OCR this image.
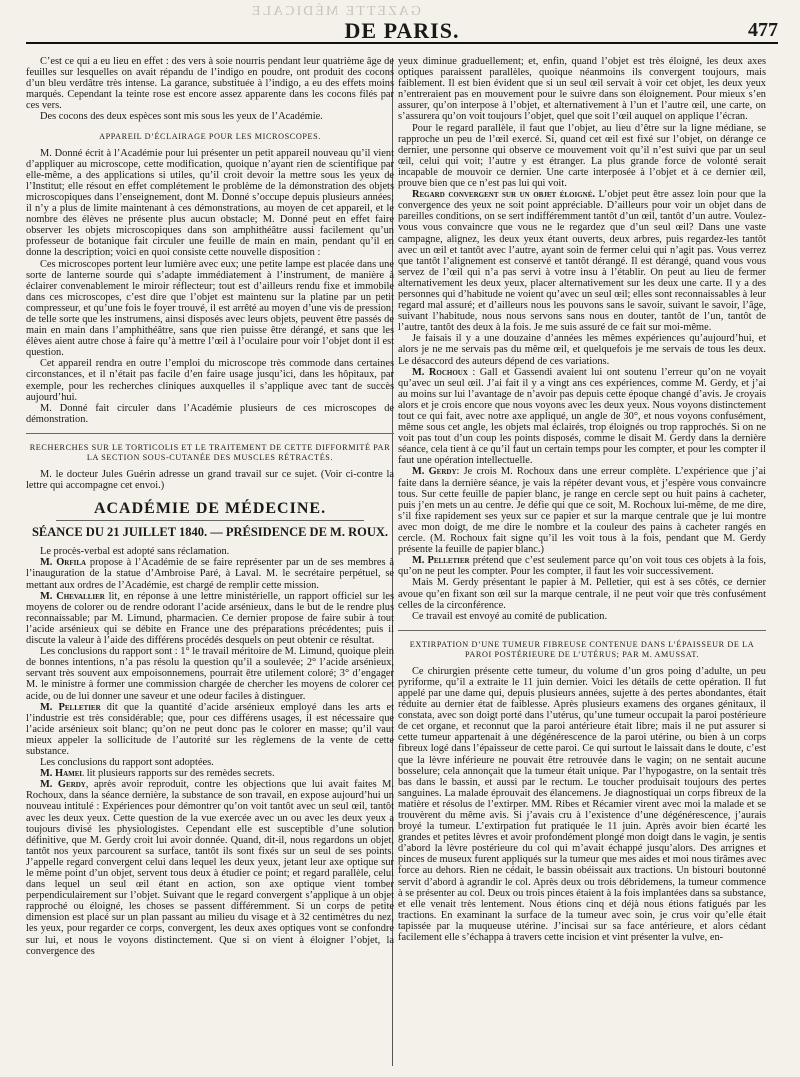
GAZETTE MÉDICALE
DE PARIS.	477

C’est ce qui a eu lieu en effet : des vers à soie nourris pendant leur quatrième âge de feuilles sur lesquelles on avait répandu de l’indigo en poudre, ont produit des cocons d’un bleu verdâtre très intense. La garance, substituée à l’indigo, a eu des effets moins marqués. Cependant la teinte rose est encore assez apparente dans les cocons filés par ces vers.

Des cocons des deux espèces sont mis sous les yeux de l’Académie.

APPAREIL D’ÉCLAIRAGE POUR LES MICROSCOPES.

M. Donné écrit à l’Académie pour lui présenter un petit appareil nouveau qu’il vient d’appliquer au microscope, cette modification, quoique n’ayant rien de scientifique par elle-même, a des applications si utiles, qu’il croit devoir la mettre sous les yeux de l’Institut; elle résout en effet complétement le problème de la démonstration des objets microscopiques dans l’enseignement, dont M. Donné s’occupe depuis plusieurs années; il n’y a plus de limite maintenant à ces démonstrations, au moyen de cet appareil, et le nombre des élèves ne présente plus aucun obstacle; M. Donné peut en effet faire observer les objets microscopiques dans son amphithéâtre aussi facilement qu’un professeur de botanique fait circuler une feuille de main en main, pendant qu’il en donne la description; voici en quoi consiste cette nouvelle disposition :

Ces microscopes portent leur lumière avec eux; une petite lampe est placée dans une sorte de lanterne sourde qui s’adapte immédiatement à l’instrument, de manière à éclairer convenablement le miroir réflecteur; tout est d’ailleurs rendu fixe et immobile dans ces microscopes, c’est dire que l’objet est maintenu sur la platine par un petit compresseur, et qu’une fois le foyer trouvé, il est arrêté au moyen d’une vis de pression; de telle sorte que les instrumens, ainsi disposés avec leurs objets, peuvent être passés de main en main dans l’amphithéâtre, sans que rien puisse être dérangé, et sans que les élèves aient autre chose à faire qu’à mettre l’œil à l’oculaire pour voir l’objet dont il est question.

Cet appareil rendra en outre l’emploi du microscope très commode dans certaines circonstances, et il n’était pas facile d’en faire usage jusqu’ici, dans les hôpitaux, par exemple, pour les recherches cliniques auxquelles il s’applique avec tant de succès aujourd’hui.

M. Donné fait circuler dans l’Académie plusieurs de ces microscopes de démonstration.

RECHERCHES SUR LE TORTICOLIS ET LE TRAITEMENT DE CETTE DIFFORMITÉ PAR LA SECTION SOUS-CUTANÉE DES MUSCLES RÉTRACTÉS.

M. le docteur Jules Guérin adresse un grand travail sur ce sujet. (Voir ci-contre la lettre qui accompagne cet envoi.)

ACADÉMIE DE MÉDECINE.
SÉANCE DU 21 JUILLET 1840. — PRÉSIDENCE DE M. ROUX.

Le procès-verbal est adopté sans réclamation.

M. Orfila propose à l’Académie de se faire représenter par un de ses membres à l’inauguration de la statue d’Ambroise Paré, à Laval. M. le secrétaire perpétuel, se mettant aux ordres de l’Académie, est chargé de remplir cette mission.

M. Chevallier lit, en réponse à une lettre ministérielle, un rapport officiel sur les moyens de colorer ou de rendre odorant l’acide arsénieux, dans le but de le rendre plus reconnaissable; par M. Limund, pharmacien. Ce dernier propose de faire subir à tout l’acide arsénieux qui se débite en France une des préparations précédentes; puis il discute la valeur à l’aide des différens procédés desquels on peut obtenir ce résultat.

Les conclusions du rapport sont : 1° le travail méritoire de M. Limund, quoique plein de bonnes intentions, n’a pas résolu la question qu’il a soulevée; 2° l’acide arsénieux, servant très souvent aux empoisonnemens, pourrait être utilement coloré; 3° d’engager M. le ministre à former une commission chargée de chercher les moyens de colorer cet acide, ou de lui donner une saveur et une odeur faciles à distinguer.

M. Pelletier dit que la quantité d’acide arsénieux employé dans les arts et l’industrie est très considérable; que, pour ces différens usages, il est nécessaire que l’acide arsénieux soit blanc; qu’on ne peut donc pas le colorer en masse; qu’il vaut mieux appeler la sollicitude de l’autorité sur les règlemens de la vente de cette substance.

Les conclusions du rapport sont adoptées.

M. Hamel lit plusieurs rapports sur des remèdes secrets.

M. Gerdy, après avoir reproduit, contre les objections que lui avait faites M. Rochoux, dans la séance dernière, la substance de son travail, en expose aujourd’hui un nouveau intitulé : Expériences pour démontrer qu’on voit tantôt avec un seul œil, tantôt avec les deux yeux. Cette question de la vue exercée avec un ou avec les deux yeux a toujours divisé les physiologistes. Cependant elle est susceptible d’une solution définitive, que M. Gerdy croit lui avoir donnée. Quand, dit-il, nous regardons un objet, tantôt nos yeux parcourent sa surface, tantôt ils sont fixés sur un seul de ses points. J’appelle regard convergent celui dans lequel les deux yeux, jetant leur axe optique sur le même point d’un objet, servent tous deux à étudier ce point; et regard parallèle, celui dans lequel un seul œil étant en action, son axe optique vient tomber perpendiculairement sur l’objet. Suivant que le regard convergent s’applique à un objet rapproché ou éloigné, les choses se passent différemment. Si un corps de petite dimension est placé sur un plan passant au milieu du visage et à 32 centimètres du nez, les yeux, pour regarder ce corps, convergent, les deux axes optiques vont se confondre sur lui, et nous le voyons distinctement. Que si on vient à éloigner l’objet, la convergence des

yeux diminue graduellement; et, enfin, quand l’objet est très éloigné, les deux axes optiques paraissent parallèles, quoique néanmoins ils convergent toujours, mais faiblement. Il est bien évident que si un seul œil servait à voir cet objet, les deux yeux n’entreraient pas en mouvement pour le suivre dans son éloignement. Pour mieux s’en assurer, qu’on interpose à l’objet, et alternativement à l’un et l’autre œil, une carte, on s’assurera qu’on voit toujours l’objet, quel que soit l’œil auquel on applique l’écran.

Pour le regard parallèle, il faut que l’objet, au lieu d’être sur la ligne médiane, se rapproche un peu de l’œil exercé. Si, quand cet œil est fixé sur l’objet, on dérange ce dernier, une personne qui observe ce mouvement voit qu’il n’est suivi que par un seul œil, celui qui voit; l’autre y est étranger. La plus grande force de volonté serait incapable de mouvoir ce dernier. Une carte interposée à l’objet et à ce dernier œil, prouve bien que ce n’est pas lui qui voit.

Regard convergent sur un objet éloigné. L’objet peut être assez loin pour que la convergence des yeux ne soit point appréciable. D’ailleurs pour voir un objet dans de pareilles conditions, on se sert indifféremment tantôt d’un œil, tantôt d’un autre. Voulez-vous vous convaincre que vous ne le regardez que d’un seul œil? Dans une vaste campagne, alignez, les deux yeux étant ouverts, deux arbres, puis regardez-les tantôt avec un œil et tantôt avec l’autre, ayant soin de fermer celui qui n’agit pas. Vous verrez que tantôt l’alignement est conservé et tantôt dérangé. Il est dérangé, quand vous vous servez de l’œil qui n’a pas servi à votre insu à l’établir. On peut au lieu de fermer alternativement les deux yeux, placer alternativement sur les deux une carte. Il y a des personnes qui d’habitude ne voient qu’avec un seul œil; elles sont reconnaissables à leur regard mal assuré; et d’ailleurs nous les pouvons sans le savoir, suivant le savoir, l’âge, suivant l’habitude, nous nous servons sans nous en douter, tantôt de l’un, tantôt de l’autre, tantôt des deux à la fois. Je me suis assuré de ce fait sur moi-même.

Je faisais il y a une douzaine d’années les mêmes expériences qu’aujourd’hui, et alors je ne me servais pas du même œil, et quelquefois je me servais de tous les deux. Le désaccord des auteurs dépend de ces variations.

M. Rochoux : Gall et Gassendi avaient lui ont soutenu l’erreur qu’on ne voyait qu’avec un seul œil. J’ai fait il y a vingt ans ces expériences, comme M. Gerdy, et j’ai au moins sur lui l’avantage de n’avoir pas depuis cette époque changé d’avis. Je croyais alors et je crois encore que nous voyons avec les deux yeux. Nous voyons distinctement tout ce qui fait, avec notre axe appliqué, un angle de 30°, et nous voyons confusément, même sous cet angle, les objets mal éclairés, trop éloignés ou trop rapprochés. Si on ne voit pas tout d’un coup les points disposés, comme le disait M. Gerdy dans la dernière séance, cela tient à ce qu’il faut un certain temps pour les compter, et pour les compter il faut une opération intellectuelle.

M. Gerdy: Je crois M. Rochoux dans une erreur complète. L’expérience que j’ai faite dans la dernière séance, je vais la répéter devant vous, et j’espère vous convaincre tous. Sur cette feuille de papier blanc, je range en cercle sept ou huit pains à cacheter, puis j’en mets un au centre. Je défie qui que ce soit, M. Rochoux lui-même, de me dire, s’il fixe rapidement ses yeux sur ce papier et sur la marque centrale que je lui montre avec mon doigt, de me dire le nombre et la couleur des pains à cacheter rangés en cercle. (M. Rochoux fait signe qu’il les voit tous à la fois, pendant que M. Gerdy présente la feuille de papier blanc.)

M. Pelletier prétend que c’est seulement parce qu’on voit tous ces objets à la fois, qu’on ne peut les compter. Pour les compter, il faut les voir successivement.

Mais M. Gerdy présentant le papier à M. Pelletier, qui est à ses côtés, ce dernier avoue qu’en fixant son œil sur la marque centrale, il ne peut voir que très confusément celles de la circonférence.

Ce travail est envoyé au comité de publication.

EXTIRPATION D’UNE TUMEUR FIBREUSE CONTENUE DANS L’ÉPAISSEUR DE LA PAROI POSTÉRIEURE DE L’UTÉRUS; PAR M. AMUSSAT.

Ce chirurgien présente cette tumeur, du volume d’un gros poing d’adulte, un peu pyriforme, qu’il a extraite le 11 juin dernier. Voici les détails de cette opération. Il fut appelé par une dame qui, depuis plusieurs années, sujette à des pertes abondantes, était réduite au dernier état de faiblesse. Après plusieurs examens des organes génitaux, il constata, avec son doigt porté dans l’utérus, qu’une tumeur occupait la paroi postérieure de cet organe, et reconnut que la paroi antérieure était libre; mais il ne put assurer si cette tumeur appartenait à une dégénérescence de la paroi utérine, ou bien à un corps fibreux logé dans l’épaisseur de cette paroi. Ce qui surtout le laissait dans le doute, c’est que la lèvre inférieure ne pouvait être retrouvée dans le vagin; on ne sentait aucune bosselure; cela annonçait que la tumeur était unique. Par l’hypogastre, on la sentait très bas dans le bassin, et aussi par le rectum. Le toucher produisait toujours des pertes sanguines. La malade éprouvait des élancemens. Je diagnostiquai un corps fibreux de la matière et résolus de l’extirper. MM. Ribes et Récamier virent avec moi la malade et se trouvèrent du même avis. Si j’avais cru à l’existence d’une dégénérescence, j’aurais broyé la tumeur. L’extirpation fut pratiquée le 11 juin. Après avoir bien écarté les grandes et petites lèvres et avoir profondément plongé mon doigt dans le vagin, je sentis d’abord la lèvre postérieure du col qui m’avait échappé jusqu’alors. Des arrignes et pinces de museux furent appliqués sur la tumeur que mes aides et moi nous tirâmes avec force au dehors. Rien ne cédait, le bassin obéissait aux tractions. Un bistouri boutonné servit d’abord à agrandir le col. Après deux ou trois débridemens, la tumeur commence à se présenter au col. Deux ou trois pinces étaient à la fois implantées dans sa substance, et elle venait très lentement. Nous étions cinq et déjà nous étions fatigués par les tractions. En examinant la surface de la tumeur avec soin, je crus voir qu’elle était tapissée par la muqueuse utérine. J’incisai sur sa face antérieure, et alors cédant facilement elle s’échappa à travers cette incision et vint présenter la vulve, en-
